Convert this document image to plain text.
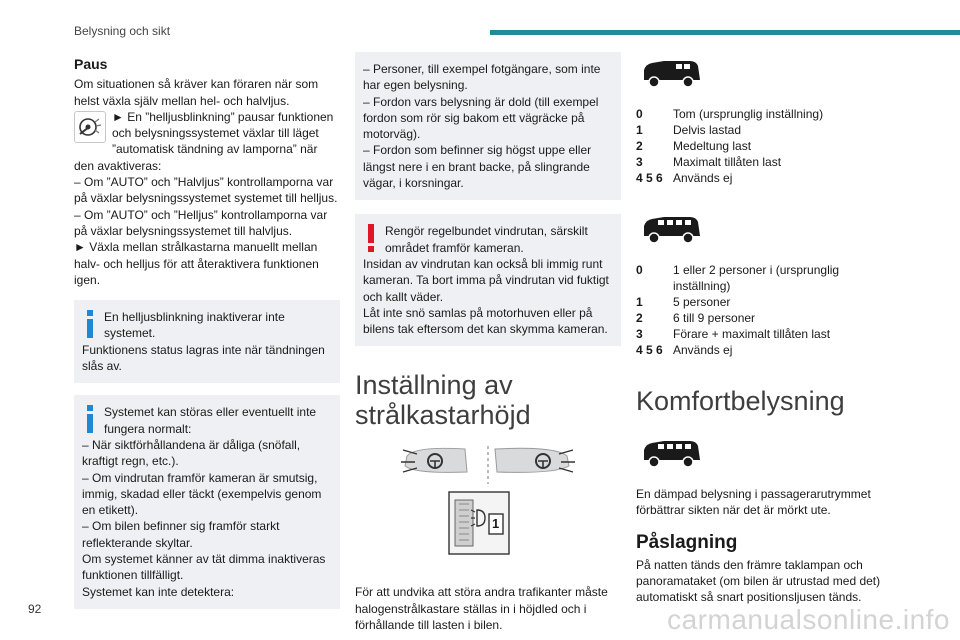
Belysning och sikt
Paus
Om situationen så kräver kan föraren när som helst växla själv mellan hel- och halvljus.
► En ”helljusblinkning” pausar funktionen och belysningssystemet växlar till läget ”automatisk tändning av lamporna” när den avaktiveras:
– Om ”AUTO” och ”Halvljus” kontrollamporna var på växlar belysningssystemet systemet till helljus.
– Om ”AUTO” och ”Helljus” kontrollamporna var på växlar belysningssystemet till halvljus.
► Växla mellan strålkastarna manuellt mellan halv- och helljus för att återaktivera funktionen igen.
En helljusblinkning inaktiverar inte systemet.
Funktionens status lagras inte när tändningen slås av.
Systemet kan störas eller eventuellt inte fungera normalt:
– När siktförhållandena är dåliga (snöfall, kraftigt regn, etc.).
– Om vindrutan framför kameran är smutsig, immig, skadad eller täckt (exempelvis genom en etikett).
– Om bilen befinner sig framför starkt reflekterande skyltar.
Om systemet känner av tät dimma inaktiveras funktionen tillfälligt.
Systemet kan inte detektera:
– Personer, till exempel fotgängare, som inte har egen belysning.
– Fordon vars belysning är dold (till exempel fordon som rör sig bakom ett vägräcke på motorväg).
– Fordon som befinner sig högst uppe eller längst nere i en brant backe, på slingrande vägar, i korsningar.
Rengör regelbundet vindrutan, särskilt området framför kameran.
Insidan av vindrutan kan också bli immig runt kameran. Ta bort imma på vindrutan vid fuktigt och kallt väder.
Låt inte snö samlas på motorhuven eller på bilens tak eftersom det kan skymma kameran.
Inställning av strålkastarhöjd
1
För att undvika att störa andra trafikanter måste halogenstrålkastare ställas in i höjdled och i förhållande till lasten i bilen.
0	Tom (ursprunglig inställning)
1	Delvis lastad
2	Medeltung last
3	Maximalt tillåten last
4 5 6 Används ej
0	1 eller 2 personer i (ursprunglig inställning)
1	5 personer
2	6 till 9 personer
3	Förare + maximalt tillåten last
4 5 6 Används ej
Komfortbelysning
En dämpad belysning i passagerarutrymmet förbättrar sikten när det är mörkt ute.
Påslagning
På natten tänds den främre taklampan och panoramataket (om bilen är utrustad med det) automatiskt så snart positionsljusen tänds.
92	carmanualsonline.info
